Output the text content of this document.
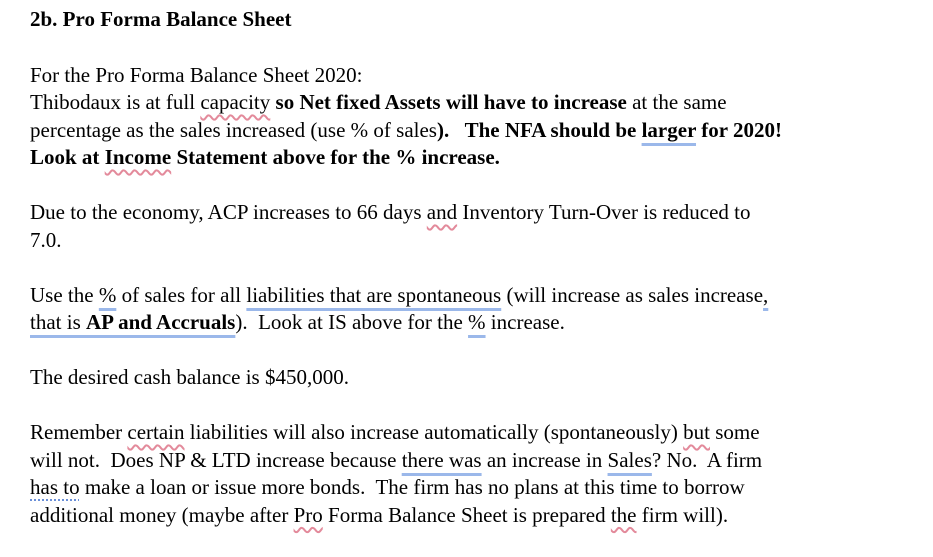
2b. Pro Forma Balance Sheet
For the Pro Forma Balance Sheet 2020:
Thibodaux is at full capacity so Net fixed Assets will have to increase at the same
percentage as the sales increased (use % of sales).   The NFA should be larger for 2020!
Look at Income Statement above for the % increase.
Due to the economy, ACP increases to 66 days and Inventory Turn-Over is reduced to
7.0.
Use the % of sales for all liabilities that are spontaneous (will increase as sales increase,
that is AP and Accruals).  Look at IS above for the % increase.
The desired cash balance is $450,000.
Remember certain liabilities will also increase automatically (spontaneously) but some
will not.  Does NP & LTD increase because there was an increase in Sales? No.  A firm
has to make a loan or issue more bonds.  The firm has no plans at this time to borrow
additional money (maybe after Pro Forma Balance Sheet is prepared the firm will).
